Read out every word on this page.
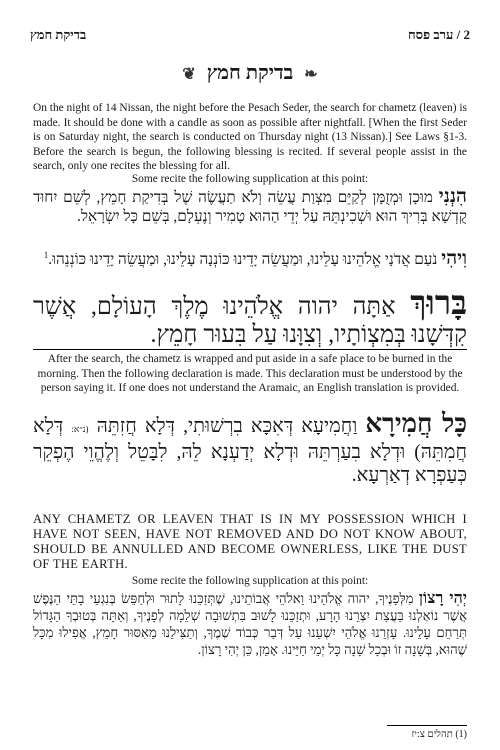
בדיקת חמץ	2 / ערב פסח
❧ בדיקת חמץ ❦
On the night of 14 Nissan, the night before the Pesach Seder, the search for chametz (leaven) is made. It should be done with a candle as soon as possible after nightfall. [When the first Seder is on Saturday night, the search is conducted on Thursday night (13 Nissan).] See Laws §1-3. Before the search is begun, the following blessing is recited. If several people assist in the search, only one recites the blessing for all.
Some recite the following supplication at this point:
הִנְנִי מוּכָן וּמְזֻמָּן לְקַיֵּם מִצְוַת עֲשֵׂה וְלֹא תַעֲשֶׂה שֶׁל בְּדִיקַת חָמֵץ, לְשֵׁם יִחוּד קֻדְשָׁא בְּרִיךְ הוּא וּשְׁכִינְתֵּהּ עַל יְדֵי הַהוּא טָמִיר וְנֶעְלָם, בְּשֵׁם כָּל יִשְׂרָאֵל.
וִיהִי נֹעַם אֲדֹנָי אֱלֹהֵינוּ עָלֵינוּ, וּמַעֲשֵׂה יָדֵינוּ כּוֹנְנָה עָלֵינוּ, וּמַעֲשֵׂה יָדֵינוּ כּוֹנְנֵהוּ.$^1$
בָּרוּךְ אַתָּה יהוה אֱלֹהֵינוּ מֶלֶךְ הָעוֹלָם, אֲשֶׁר קִדְּשָׁנוּ בְּמִצְוֹתָיו, וְצִוָּנוּ עַל בִּעוּר חָמֵץ.
After the search, the chametz is wrapped and put aside in a safe place to be burned in the morning. Then the following declaration is made. This declaration must be understood by the person saying it. If one does not understand the Aramaic, an English translation is provided.
כָּל חֲמִירָא וַחֲמִיעָא דְּאִכָּא בִרְשׁוּתִי, דְּלָא חֲזִתֵּהּ (נ״א: דְּלָא חֲמִתֵּהּ) וּדְלָא בִעַרְתֵּהּ וּדְלָא יְדַעְנָא לֵהּ, לִבָּטֵל וְלֶהֱוֵי הֶפְקֵר כְּעַפְרָא דְאַרְעָא.
ANY CHAMETZ OR LEAVEN THAT IS IN MY POSSESSION WHICH I HAVE NOT SEEN, HAVE NOT REMOVED AND DO NOT KNOW ABOUT, SHOULD BE ANNULLED AND BECOME OWNERLESS, LIKE THE DUST OF THE EARTH.
Some recite the following supplication at this point:
יְהִי רָצוֹן מִלְּפָנֶיךָ, יהוה אֱלֹהֵינוּ וֵאלֹהֵי אֲבוֹתֵינוּ, שֶׁתְּזַכֵּנוּ לָתוּר וּלְחַפֵּשׂ בְּנִגְעֵי בָתֵּי הַנֶּפֶשׁ אֲשֶׁר נוֹאַלְנוּ בַּעֲצַת יִצְרֵנוּ הָרָע, וּתְזַכֵּנוּ לָשׁוּב בִּתְשׁוּבָה שְׁלֵמָה לְפָנֶיךָ, וְאַתָּה בְּטוּבְךָ הַגָּדוֹל תְּרַחֵם עָלֵינוּ. עָזְרֵנוּ אֱלֹהֵי יִשְׁעֵנוּ עַל דְּבַר כְּבוֹד שְׁמֶךָ, וְתַצִּילֵנוּ מֵאִסּוּר חָמֵץ, אֲפִילוּ מִכָּל שֶׁהוּא, בְּשָׁנָה זוֹ וּבְכָל שָׁנָה כָּל יְמֵי חַיֵּינוּ. אָמֵן, כֵּן יְהִי רָצוֹן.
(1) תהלים צ:יז
